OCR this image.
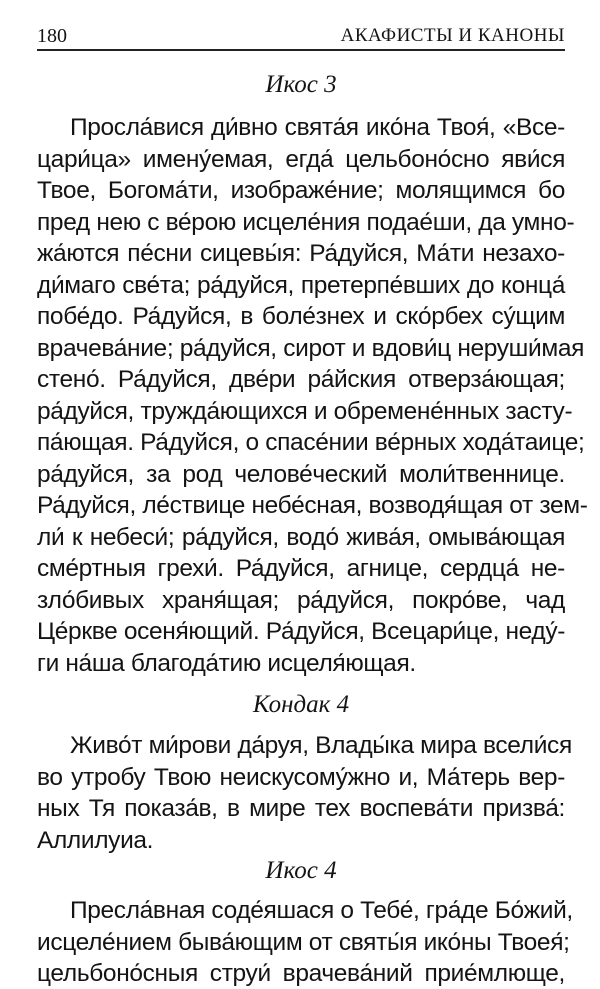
180	АКАФИСТЫ И КАНОНЫ
Икос 3
Просла́вися ди́вно свята́я ико́на Твоя́, «Все-
цари́ца» имену́емая, егда́ цельбоно́сно яви́ся
Твое, Богома́ти, изображе́ние; молящимся бо
пред нею с ве́рою исцеле́ния подае́ши, да умно-
жа́ются пе́сни сицевы́я: Ра́дуйся, Ма́ти незахо-
ди́маго све́та; ра́дуйся, претерпе́вших до конца́
побе́до. Ра́дуйся, в боле́знех и ско́рбех су́щим
врачева́ние; ра́дуйся, сирот и вдови́ц неруши́мая
стено́. Ра́дуйся, две́ри ра́йския отверза́ющая;
ра́дуйся, тружда́ющихся и обремене́нных засту-
па́ющая. Ра́дуйся, о спасе́нии ве́рных хода́таице;
ра́дуйся, за род челове́ческий моли́твеннице.
Ра́дуйся, ле́ствице небе́сная, возводя́щая от зем-
ли́ к небеси́; ра́дуйся, водо́ жива́я, омыва́ющая
сме́ртныя грехи́. Ра́дуйся, агнице, сердца́ не-
зло́бивых храня́щая; ра́дуйся, покро́ве, чад
Це́ркве осеня́ющий. Ра́дуйся, Всецари́це, неду́-
ги на́ша благода́тию исцеля́ющая.
Кондак 4
Живо́т ми́рови да́руя, Влады́ка мира всели́ся
во утробу Твою неискусому́жно и, Ма́терь вер-
ных Тя показа́в, в мире тех воспева́ти призва́:
Аллилуиа.
Икос 4
Пресла́вная соде́яшася о Тебе́, гра́де Бо́жий,
исцеле́нием быва́ющим от святы́я ико́ны Твоея́;
цельбоно́сныя струи́ врачева́ний прие́млюще,
